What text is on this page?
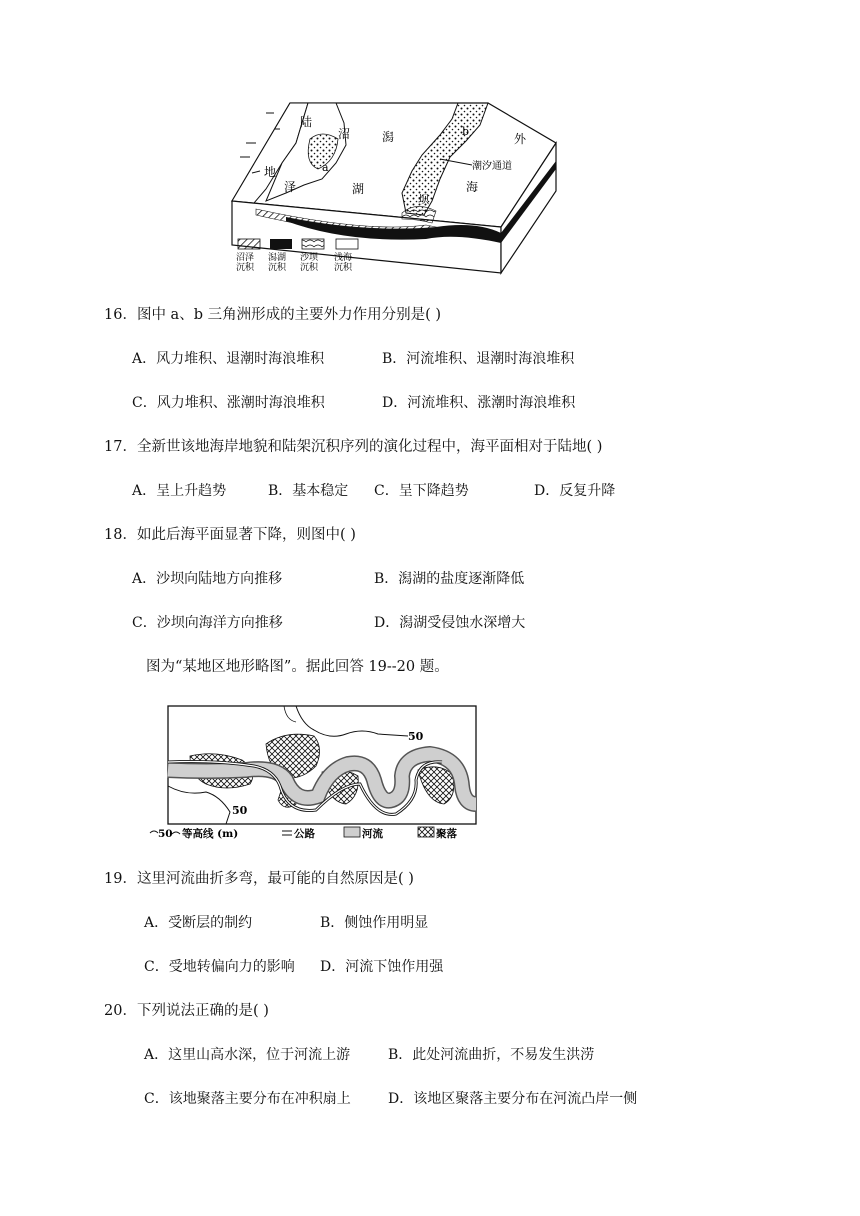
陆
地
沼
泽
潟
湖
a
b
外
海
坝
潮汐通道
沼泽
沉积
潟湖
沉积
沙坝
沉积
浅海
沉积
16．图中 a、b 三角洲形成的主要外力作用分别是( )
A．风力堆积、退潮时海浪堆积	B．河流堆积、退潮时海浪堆积
C．风力堆积、涨潮时海浪堆积	D．河流堆积、涨潮时海浪堆积
17．全新世该地海岸地貌和陆架沉积序列的演化过程中，海平面相对于陆地( )
A．呈上升趋势	B．基本稳定 C．呈下降趋势	D．反复升降
18．如此后海平面显著下降，则图中( )
A．沙坝向陆地方向推移	B．潟湖的盐度逐渐降低
C．沙坝向海洋方向推移	D．潟湖受侵蚀水深增大
图为“某地区地形略图”。据此回答 19--20 题。
50
50
50 等高线 (m)	公路	河流	聚落
19．这里河流曲折多弯，最可能的自然原因是( )
A．受断层的制约	B．侧蚀作用明显
C．受地转偏向力的影响 D．河流下蚀作用强
20．下列说法正确的是( )
A．这里山高水深，位于河流上游	B．此处河流曲折，不易发生洪涝
C．该地聚落主要分布在冲积扇上	D．该地区聚落主要分布在河流凸岸一侧
